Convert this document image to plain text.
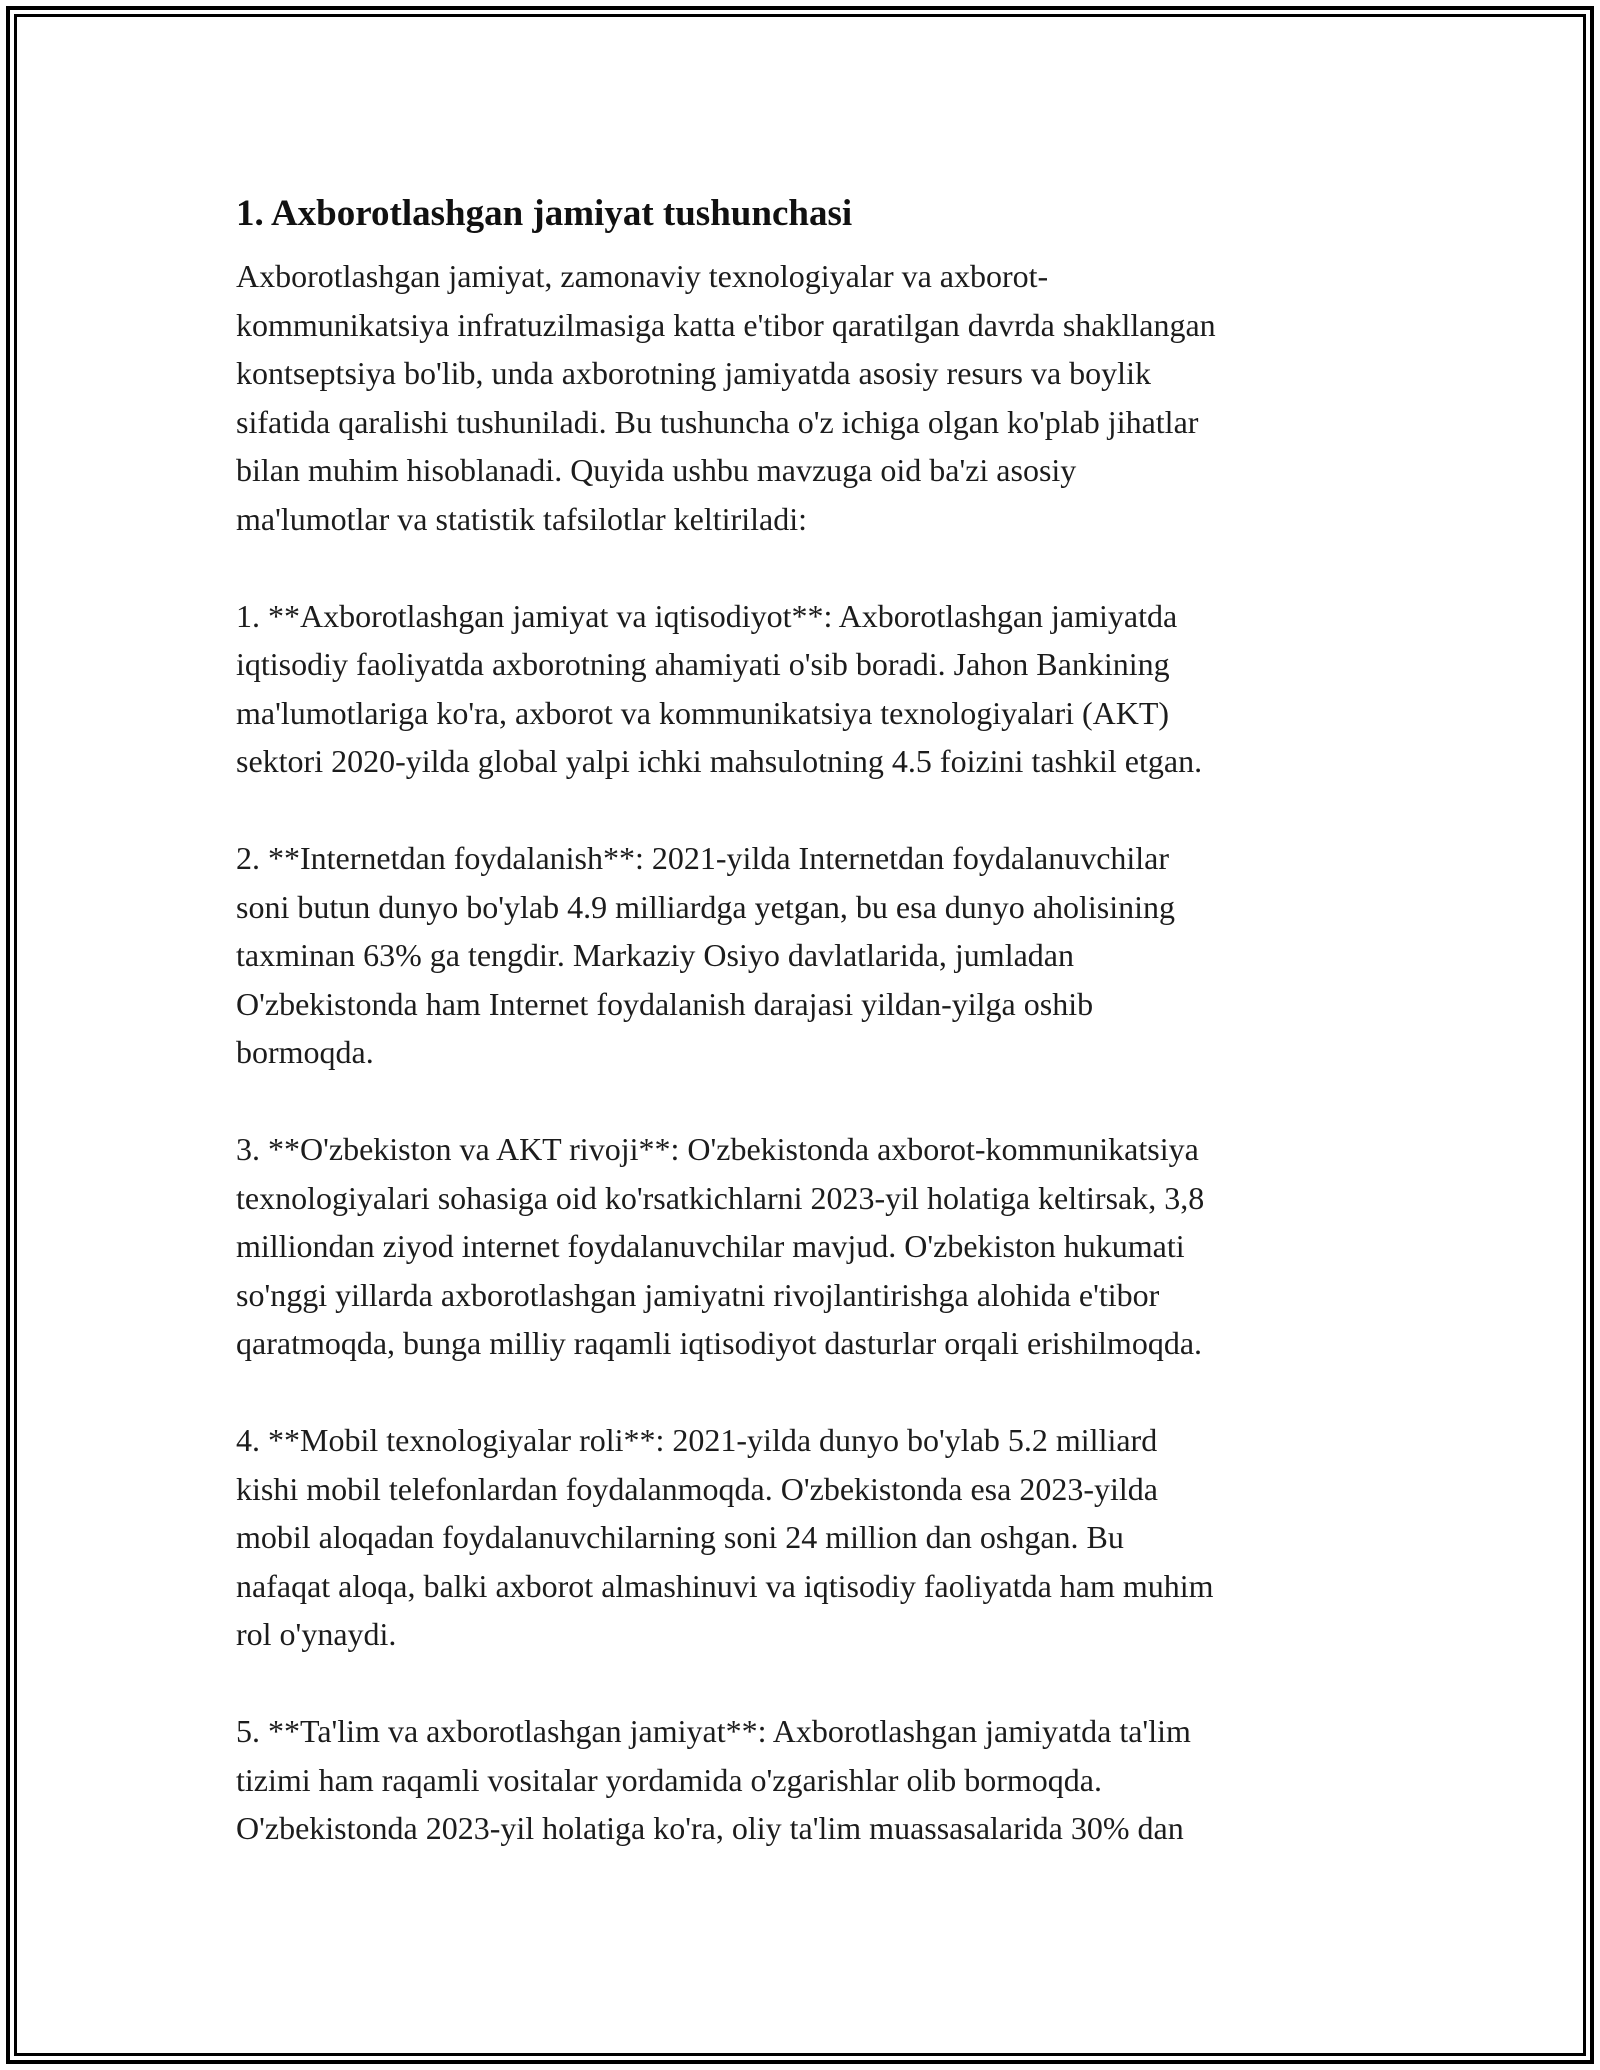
1. Axborotlashgan jamiyat tushunchasi

Axborotlashgan jamiyat, zamonaviy texnologiyalar va axborot-
kommunikatsiya infratuzilmasiga katta e'tibor qaratilgan davrda shakllangan
kontseptsiya bo'lib, unda axborotning jamiyatda asosiy resurs va boylik
sifatida qaralishi tushuniladi. Bu tushuncha o'z ichiga olgan ko'plab jihatlar
bilan muhim hisoblanadi. Quyida ushbu mavzuga oid ba'zi asosiy
ma'lumotlar va statistik tafsilotlar keltiriladi:

1. **Axborotlashgan jamiyat va iqtisodiyot**: Axborotlashgan jamiyatda
iqtisodiy faoliyatda axborotning ahamiyati o'sib boradi. Jahon Bankining
ma'lumotlariga ko'ra, axborot va kommunikatsiya texnologiyalari (AKT)
sektori 2020-yilda global yalpi ichki mahsulotning 4.5 foizini tashkil etgan.

2. **Internetdan foydalanish**: 2021-yilda Internetdan foydalanuvchilar
soni butun dunyo bo'ylab 4.9 milliardga yetgan, bu esa dunyo aholisining
taxminan 63% ga tengdir. Markaziy Osiyo davlatlarida, jumladan
O'zbekistonda ham Internet foydalanish darajasi yildan-yilga oshib
bormoqda.

3. **O'zbekiston va AKT rivoji**: O'zbekistonda axborot-kommunikatsiya
texnologiyalari sohasiga oid ko'rsatkichlarni 2023-yil holatiga keltirsak, 3,8
milliondan ziyod internet foydalanuvchilar mavjud. O'zbekiston hukumati
so'nggi yillarda axborotlashgan jamiyatni rivojlantirishga alohida e'tibor
qaratmoqda, bunga milliy raqamli iqtisodiyot dasturlar orqali erishilmoqda.

4. **Mobil texnologiyalar roli**: 2021-yilda dunyo bo'ylab 5.2 milliard
kishi mobil telefonlardan foydalanmoqda. O'zbekistonda esa 2023-yilda
mobil aloqadan foydalanuvchilarning soni 24 million dan oshgan. Bu
nafaqat aloqa, balki axborot almashinuvi va iqtisodiy faoliyatda ham muhim
rol o'ynaydi.

5. **Ta'lim va axborotlashgan jamiyat**: Axborotlashgan jamiyatda ta'lim
tizimi ham raqamli vositalar yordamida o'zgarishlar olib bormoqda.
O'zbekistonda 2023-yil holatiga ko'ra, oliy ta'lim muassasalarida 30% dan
